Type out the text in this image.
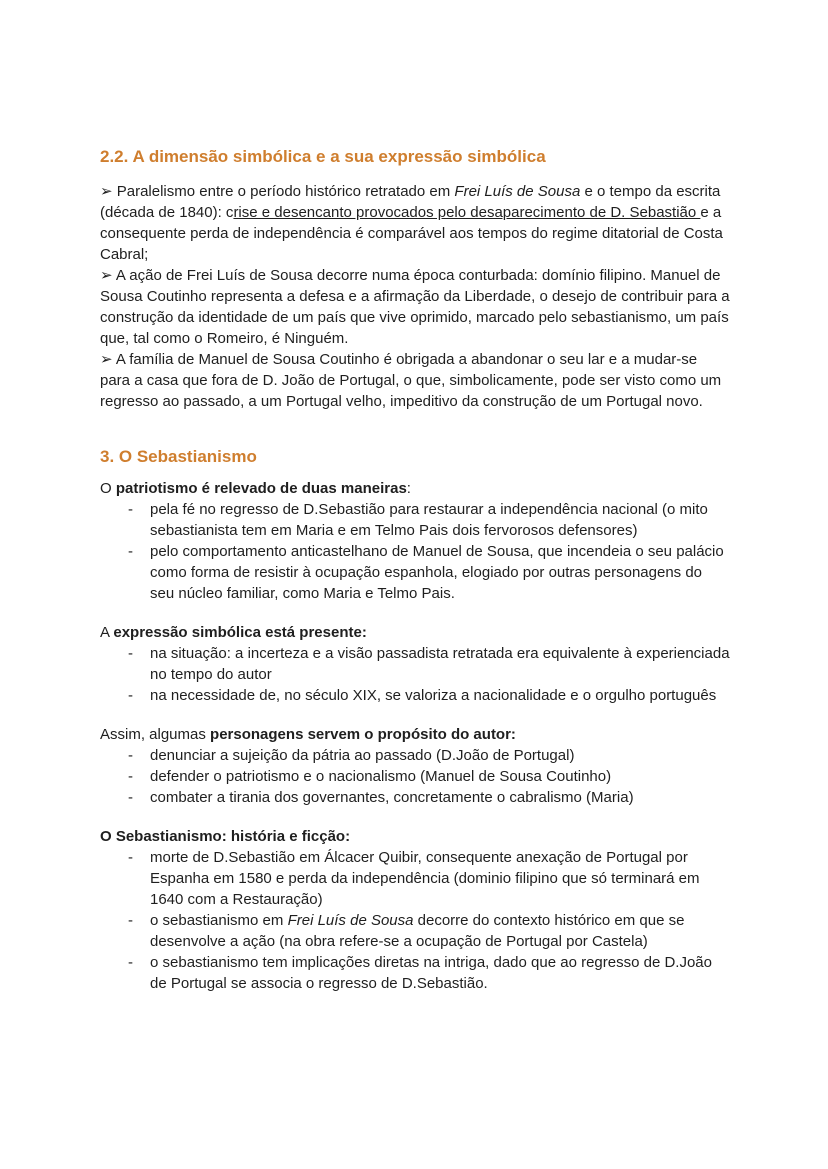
2.2. A dimensão simbólica e a sua expressão simbólica

➢ Paralelismo entre o período histórico retratado em Frei Luís de Sousa e o tempo da escrita (década de 1840): crise e desencanto provocados pelo desaparecimento de D. Sebastião e a consequente perda de independência é comparável aos tempos do regime ditatorial de Costa Cabral;

➢ A ação de Frei Luís de Sousa decorre numa época conturbada: domínio filipino. Manuel de Sousa Coutinho representa a defesa e a afirmação da Liberdade, o desejo de contribuir para a construção da identidade de um país que vive oprimido, marcado pelo sebastianismo, um país que, tal como o Romeiro, é Ninguém.

➢ A família de Manuel de Sousa Coutinho é obrigada a abandonar o seu lar e a mudar-se para a casa que fora de D. João de Portugal, o que, simbolicamente, pode ser visto como um regresso ao passado, a um Portugal velho, impeditivo da construção de um Portugal novo.

3. O Sebastianismo

O patriotismo é relevado de duas maneiras:

- pela fé no regresso de D.Sebastião para restaurar a independência nacional (o mito sebastianista tem em Maria e em Telmo Pais dois fervorosos defensores)
- pelo comportamento anticastelhano de Manuel de Sousa, que incendeia o seu palácio como forma de resistir à ocupação espanhola, elogiado por outras personagens do seu núcleo familiar, como Maria e Telmo Pais.

A expressão simbólica está presente:

- na situação: a incerteza e a visão passadista retratada era equivalente à experienciada no tempo do autor
- na necessidade de, no século XIX, se valoriza a nacionalidade e o orgulho português

Assim, algumas personagens servem o propósito do autor:

- denunciar a sujeição da pátria ao passado (D.João de Portugal)
- defender o patriotismo e o nacionalismo (Manuel de Sousa Coutinho)
- combater a tirania dos governantes, concretamente o cabralismo (Maria)

O Sebastianismo: história e ficção:

- morte de D.Sebastião em Álcacer Quibir, consequente anexação de Portugal por Espanha em 1580 e perda da independência (dominio filipino que só terminará em 1640 com a Restauração)
- o sebastianismo em Frei Luís de Sousa decorre do contexto histórico em que se desenvolve a ação (na obra refere-se a ocupação de Portugal por Castela)
- o sebastianismo tem implicações diretas na intriga, dado que ao regresso de D.João de Portugal se associa o regresso de D.Sebastião.
